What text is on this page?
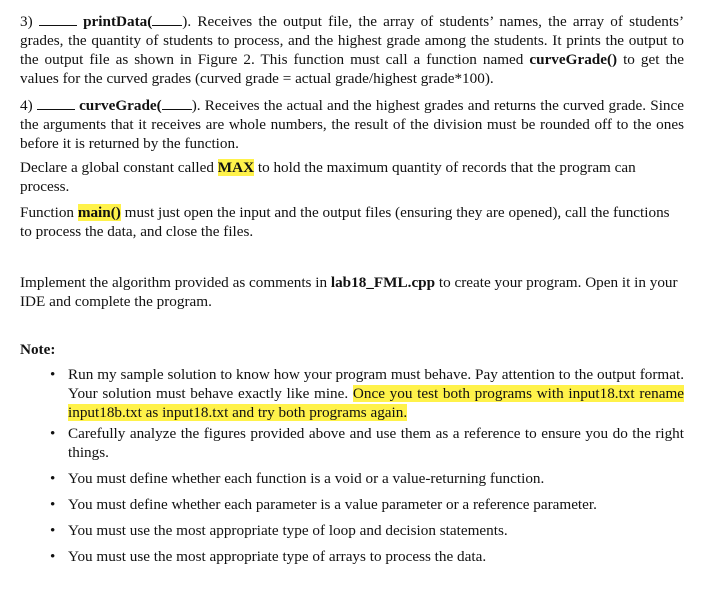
3)	printData( ). Receives the output file, the array of students’ names, the array of students’ grades, the quantity of students to process, and the highest grade among the students. It prints the output to the output file as shown in Figure 2. This function must call a function named curveGrade() to get the values for the curved grades (curved grade = actual grade/highest grade*100).

4)	curveGrade( ). Receives the actual and the highest grades and returns the curved grade. Since the arguments that it receives are whole numbers, the result of the division must be rounded off to the ones before it is returned by the function.

Declare a global constant called MAX to hold the maximum quantity of records that the program can process.

Function main() must just open the input and the output files (ensuring they are opened), call the functions to process the data, and close the files.

Implement the algorithm provided as comments in lab18_FML.cpp to create your program. Open it in your IDE and complete the program.

Note:

• Run my sample solution to know how your program must behave. Pay attention to the output format. Your solution must behave exactly like mine. Once you test both programs with input18.txt rename input18b.txt as input18.txt and try both programs again.
• Carefully analyze the figures provided above and use them as a reference to ensure you do the right things.
• You must define whether each function is a void or a value-returning function.
• You must define whether each parameter is a value parameter or a reference parameter.
• You must use the most appropriate type of loop and decision statements.
• You must use the most appropriate type of arrays to process the data.
